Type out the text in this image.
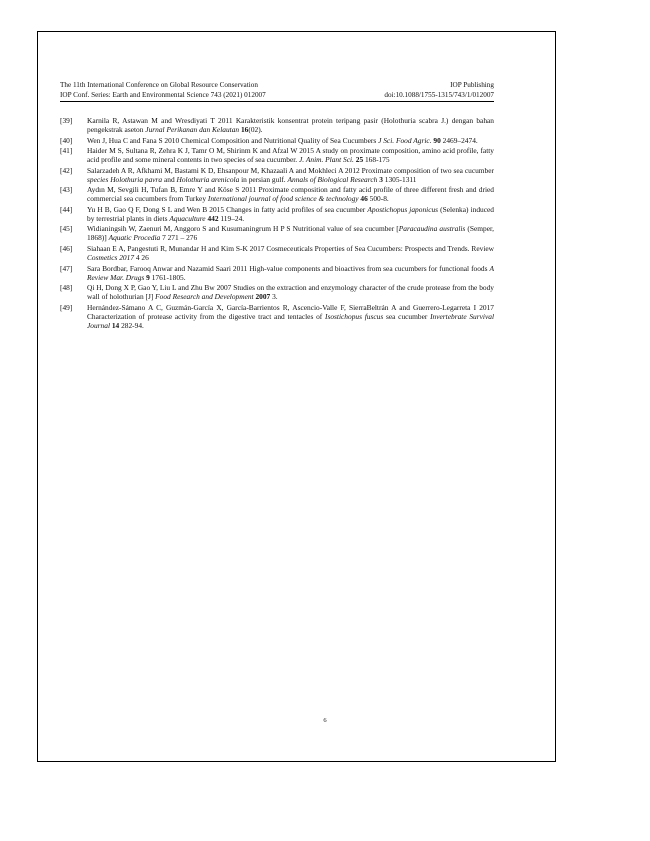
The 11th International Conference on Global Resource Conservation	IOP Publishing
IOP Conf. Series: Earth and Environmental Science 743 (2021) 012007	doi:10.1088/1755-1315/743/1/012007
[39] Karnila R, Astawan M and Wresdiyati T 2011 Karakteristik konsentrat protein teripang pasir (Holothuria scabra J.) dengan bahan pengekstrak aseton Jurnal Perikanan dan Kelautan 16(02).
[40] Wen J, Hua C and Fana S 2010 Chemical Composition and Nutritional Quality of Sea Cucumbers J Sci. Food Agric. 90 2469–2474.
[41] Haider M S, Sultana R, Zehra K J, Tamr O M, Shirinm K and Afzal W 2015 A study on proximate composition, amino acid profile, fatty acid profile and some mineral contents in two species of sea cucumber. J. Anim. Plant Sci. 25 168-175
[42] Salarzadeh A R, Afkhami M, Bastami K D, Ehsanpour M, Khazaali A and Mokhleci A 2012 Proximate composition of two sea cucumber species Holothuria pavra and Holothuria arenicola in persian gulf. Annals of Biological Research 3 1305-1311
[43] Aydın M, Sevgili H, Tufan B, Emre Y and Köse S 2011 Proximate composition and fatty acid profile of three different fresh and dried commercial sea cucumbers from Turkey International journal of food science & technology 46 500-8.
[44] Yu H B, Gao Q F, Dong S L and Wen B 2015 Changes in fatty acid profiles of sea cucumber Apostichopus japonicus (Selenka) induced by terrestrial plants in diets Aquaculture 442 119–24.
[45] Widianingsih W, Zaenuri M, Anggoro S and Kusumaningrum H P S Nutritional value of sea cucumber [Paracaudina australis (Semper, 1868)] Aquatic Procedia 7 271 – 276
[46] Siahaan E A, Pangestuti R, Munandar H and Kim S-K 2017 Cosmeceuticals Properties of Sea Cucumbers: Prospects and Trends. Review Cosmetics 2017 4 26
[47] Sara Bordbar, Farooq Anwar and Nazamid Saari 2011 High-value components and bioactives from sea cucumbers for functional foods A Review Mar. Drugs 9 1761-1805.
[48] Qi H, Dong X P, Gao Y, Liu L and Zhu Bw 2007 Studies on the extraction and enzymology character of the crude protease from the body wall of holothurian [J] Food Research and Development 2007 3.
[49] Hernández-Sámano A C, Guzmán-García X, García-Barrientos R, Ascencio-Valle F, SierraBeltrán A and Guerrero-Legarreta I 2017 Characterization of protease activity from the digestive tract and tentacles of Isostichopus fuscus sea cucumber Invertebrate Survival Journal 14 282-94.
6
